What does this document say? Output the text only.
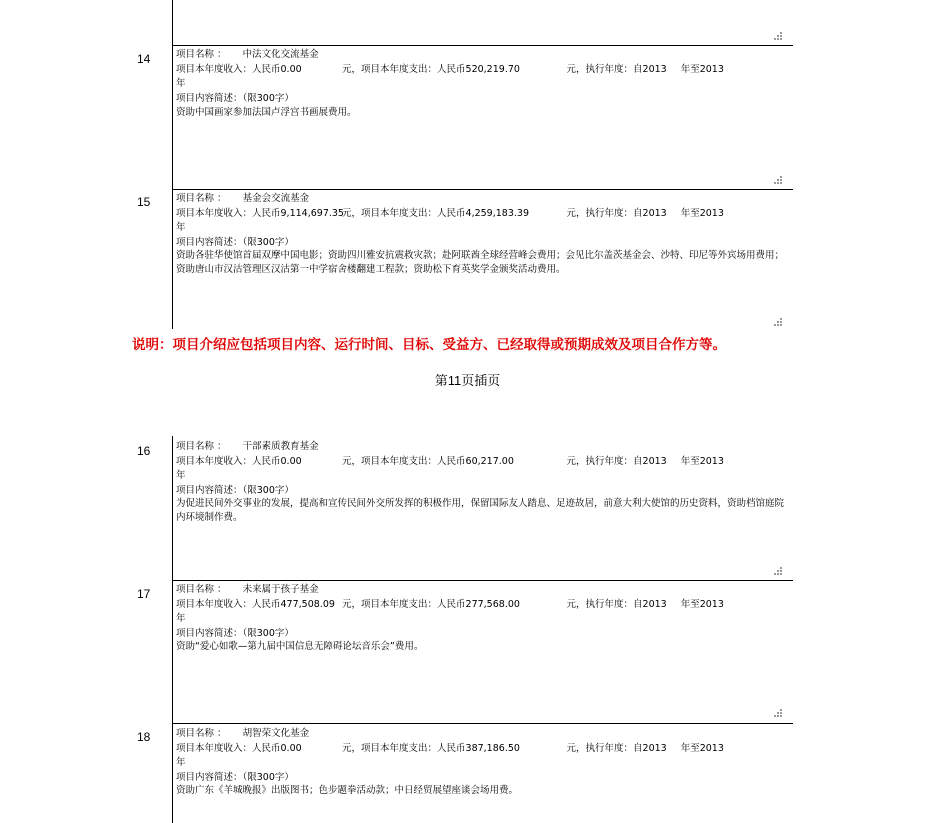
14	项目名称 ： 中法文化交流基金
项目本年度收入：人民币0.00	元，项目本年度支出：人民币520,219.70	元，执行年度：自2013 年至2013
年
项目内容简述：（限300字）
资助中国画家参加法国卢浮宫书画展费用。
15	项目名称 ： 基金会交流基金
项目本年度收入：人民币9,114,697.35元，项目本年度支出：人民币4,259,183.39	元，执行年度：自2013 年至2013
年
项目内容简述：（限300字）
资助各驻华使馆首届双摩中国电影；资助四川雅安抗震救灾款；赴阿联酋全球经营峰会费用；会见比尔盖茨基金会、沙特、印尼等外宾场用费用；资助唐山市汉沽管理区汉沽第一中学宿舍楼翻建工程款；资助松下育英奖学金颁奖活动费用。
说明：项目介绍应包括项目内容、运行时间、目标、受益方、已经取得或预期成效及项目合作方等。
第11页插页
16	项目名称 ： 干部素质教育基金
项目本年度收入：人民币0.00	元，项目本年度支出：人民币60,217.00	元，执行年度：自2013 年至2013
年
项目内容简述：（限300字）
为促进民间外交事业的发展，提高和宣传民间外交所发挥的积极作用，保留国际友人踏息、足迹故居，前意大利大使馆的历史资料，资助档馆庭院内环境制作费。
17	项目名称 ： 未来属于孩子基金
项目本年度收入：人民币477,508.09 元，项目本年度支出：人民币277,568.00	元，执行年度：自2013 年至2013
年
项目内容简述：（限300字）
资助“爱心如歌—第九届中国信息无障碍论坛音乐会”费用。
18	项目名称 ： 胡智荣文化基金
项目本年度收入：人民币0.00	元，项目本年度支出：人民币387,186.50	元，执行年度：自2013 年至2013
年
项目内容简述：（限300字）
资助广东《羊城晚报》出版图书；色步题拳活动款；中日经贸展望座谈会场用费。
